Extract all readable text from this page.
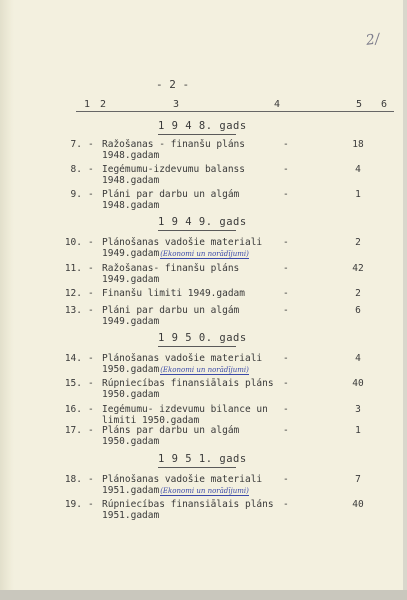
2/
- 2 -
1 2	3	4	5 6
1 9 4 8. gads
7. - Ražošanas - finanšu pláns
1948.gadam
-	18
8. - Iegémumu-izdevumu balanss
1948.gadam
-	4
9. - Pláni par darbu un algám
1948.gadam
-	1
1 9 4 9. gads
10. - Plánošanas vadošie materiali
1949.gadam(Ekonomi un norādījumi)
-	2
11. - Ražošanas- finanšu pláns
1949.gadam
-	42
12. - Finanšu limiti 1949.gadam	-	2
13. - Pláni par darbu un algám
1949.gadam
-	6
1 9 5 0. gads
14. - Plánošanas vadošie materiali
1950.gadam(Ekonomi un norādījumi)
-	4
15. - Rúpniecíbas finansiālais pláns
1950.gadam
-	40
16. - Iegémumu- izdevumu bilance un
limiti 1950.gadam
-	3
17. - Pláns par darbu un algám
1950.gadam
-	1
1 9 5 1. gads
18. - Plánošanas vadošie materiali
1951.gadam(Ekonomi un norādījumi)
-	7
19. - Rúpniecíbas finansiālais pláns
1951.gadam
-	40
